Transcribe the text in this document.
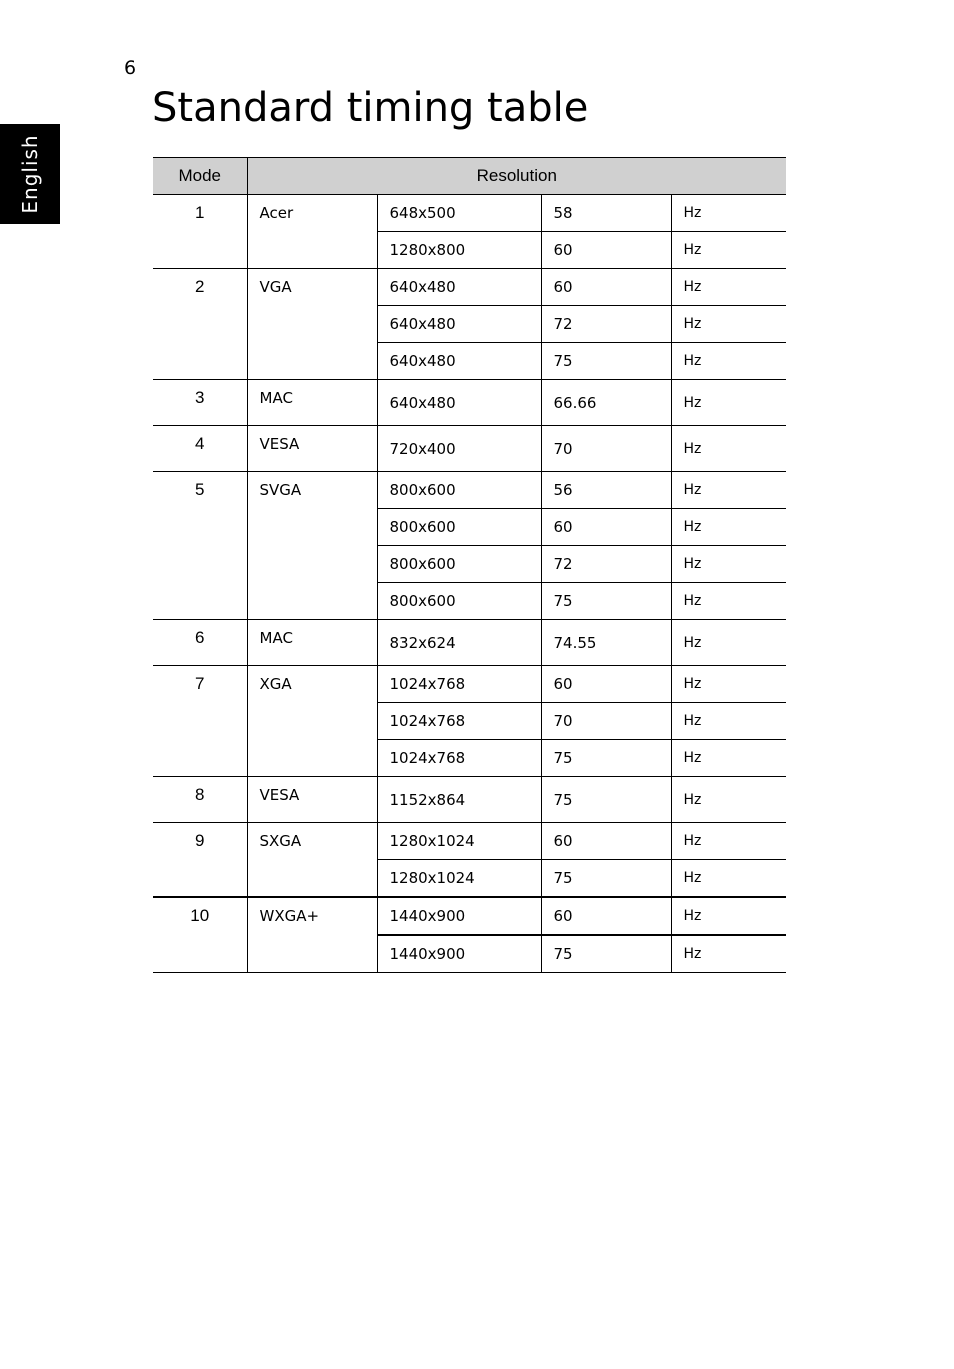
6
English
Standard timing table
Mode	Resolution			
1	Acer	648x500	58	Hz
		1280x800	60	Hz
2	VGA	640x480	60	Hz
		640x480	72	Hz
		640x480	75	Hz
3	MAC	640x480	66.66	Hz
4	VESA	720x400	70	Hz
5	SVGA	800x600	56	Hz
		800x600	60	Hz
		800x600	72	Hz
		800x600	75	Hz
6	MAC	832x624	74.55	Hz
7	XGA	1024x768	60	Hz
		1024x768	70	Hz
		1024x768	75	Hz
8	VESA	1152x864	75	Hz
9	SXGA	1280x1024	60	Hz
		1280x1024	75	Hz
10	WXGA+	1440x900	60	Hz
		1440x900	75	Hz
